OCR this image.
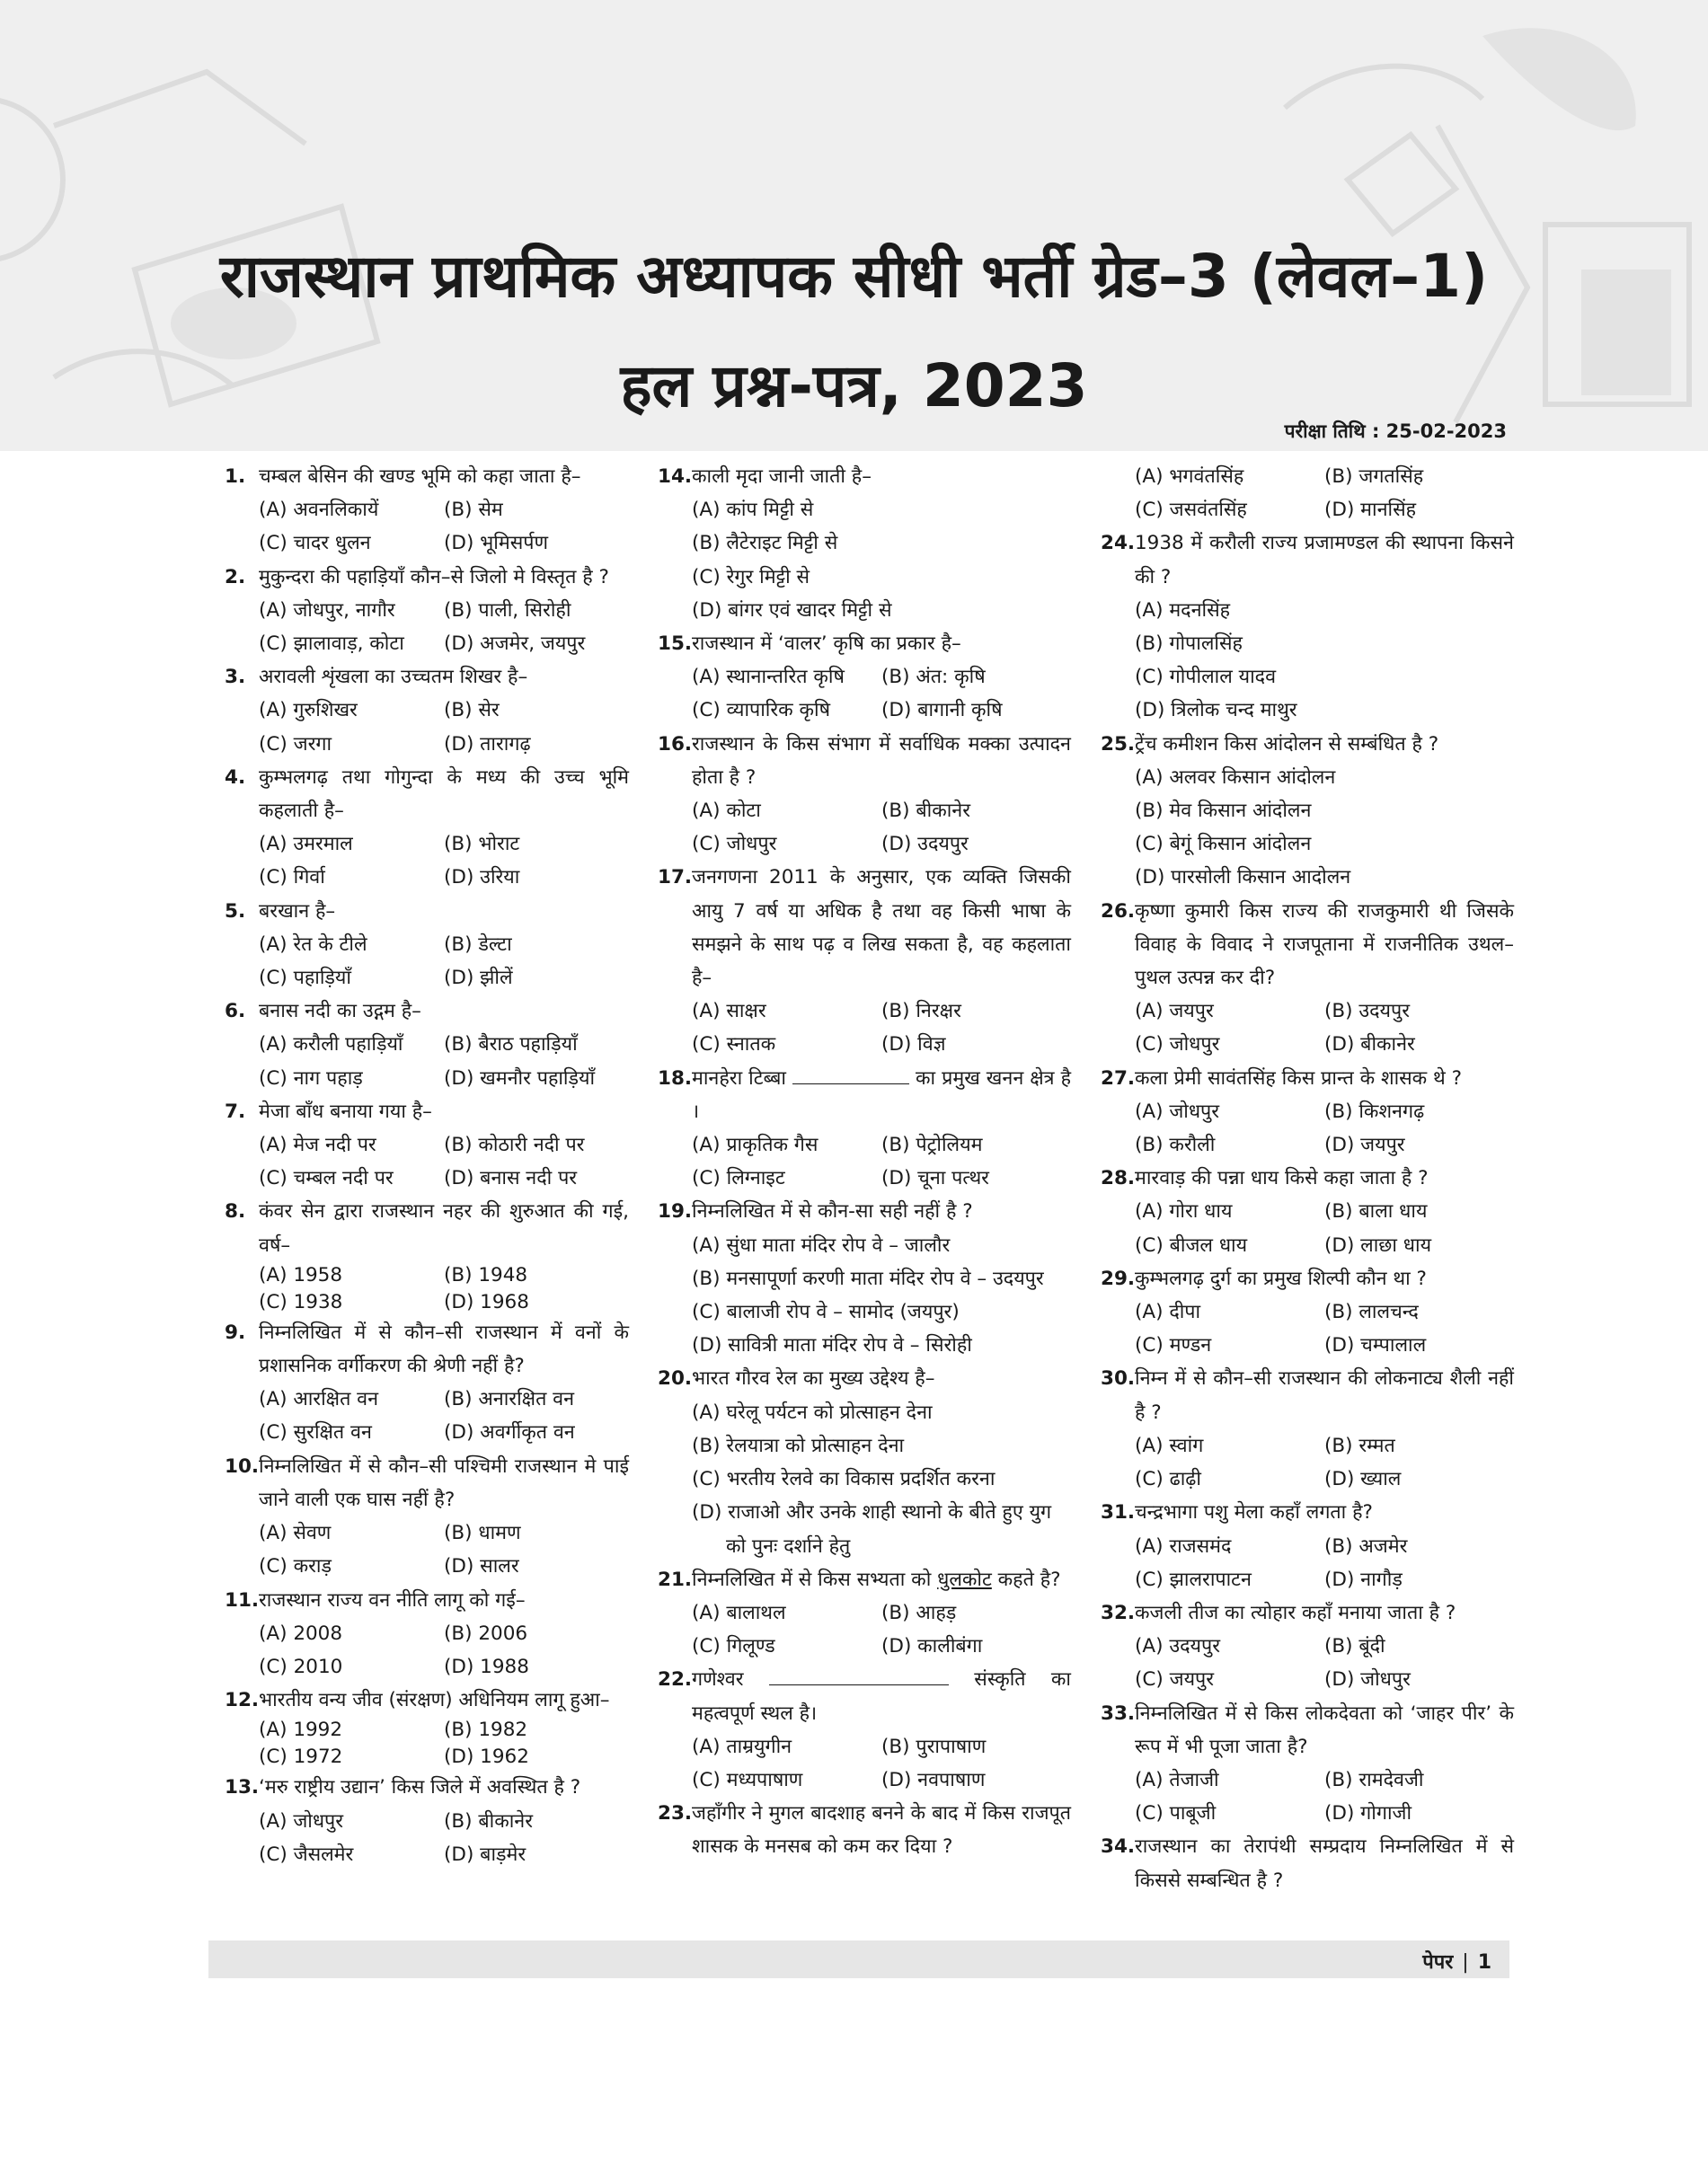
राजस्थान प्राथमिक अध्यापक सीधी भर्ती ग्रेड–3 (लेवल–1)
हल प्रश्न-पत्र, 2023
परीक्षा तिथि : 25-02-2023
1. चम्बल बेसिन की खण्ड भूमि को कहा जाता है–
(A) अवनलिकायें	(B) सेम
(C) चादर धुलन	(D) भूमिसर्पण
2. मुकुन्दरा की पहाड़ियाँ कौन–से जिलो मे विस्तृत है ?
(A) जोधपुर, नागौर	(B) पाली, सिरोही
(C) झालावाड़, कोटा	(D) अजमेर, जयपुर
3. अरावली शृंखला का उच्चतम शिखर है–
(A) गुरुशिखर	(B) सेर
(C) जरगा	(D) तारागढ़
4. कुम्भलगढ़ तथा गोगुन्दा के मध्य की उच्च भूमि कहलाती है–
(A) उमरमाल	(B) भोराट
(C) गिर्वा	(D) उरिया
5. बरखान है–
(A) रेत के टीले	(B) डेल्टा
(C) पहाड़ियाँ	(D) झीलें
6. बनास नदी का उद्गम है–
(A) करौली पहाड़ियाँ	(B) बैराठ पहाड़ियाँ
(C) नाग पहाड़	(D) खमनौर पहाड़ियाँ
7. मेजा बाँध बनाया गया है–
(A) मेज नदी पर	(B) कोठारी नदी पर
(C) चम्बल नदी पर	(D) बनास नदी पर
8. कंवर सेन द्वारा राजस्थान नहर की शुरुआत की गई, वर्ष–
(A) 1958	(B) 1948
(C) 1938	(D) 1968
9. निम्नलिखित में से कौन–सी राजस्थान में वनों के प्रशासनिक वर्गीकरण की श्रेणी नहीं है?
(A) आरक्षित वन	(B) अनारक्षित वन
(C) सुरक्षित वन	(D) अवर्गीकृत वन
10.निम्नलिखित में से कौन–सी पश्चिमी राजस्थान मे पाई जाने वाली एक घास नहीं है?
(A) सेवण	(B) धामण
(C) कराड़	(D) सालर
11.राजस्थान राज्य वन नीति लागू को गई–
(A) 2008	(B) 2006
(C) 2010	(D) 1988
12.भारतीय वन्य जीव (संरक्षण) अधिनियम लागू हुआ–
(A) 1992	(B) 1982
(C) 1972	(D) 1962
13.‘मरु राष्ट्रीय उद्यान’ किस जिले में अवस्थित है ?
(A) जोधपुर	(B) बीकानेर
(C) जैसलमेर	(D) बाड़मेर
14.काली मृदा जानी जाती है–
(A) कांप मिट्टी से
(B) लैटेराइट मिट्टी से
(C) रेगुर मिट्टी से
(D) बांगर एवं खादर मिट्टी से
15.राजस्थान में ‘वालर’ कृषि का प्रकार है–
(A) स्थानान्तरित कृषि	(B) अंत: कृषि
(C) व्यापारिक कृषि	(D) बागानी कृषि
16.राजस्थान के किस संभाग में सर्वाधिक मक्का उत्पादन होता है ?
(A) कोटा	(B) बीकानेर
(C) जोधपुर	(D) उदयपुर
17.जनगणना 2011 के अनुसार, एक व्यक्ति जिसकी आयु 7 वर्ष या अधिक है तथा वह किसी भाषा के समझने के साथ पढ़ व लिख सकता है, वह कहलाता है–
(A) साक्षर	(B) निरक्षर
(C) स्नातक	(D) विज्ञ
18.मानहेरा टिब्बा	का प्रमुख खनन क्षेत्र है ।
(A) प्राकृतिक गैस	(B) पेट्रोलियम
(C) लिग्नाइट	(D) चूना पत्थर
19.निम्नलिखित में से कौन-सा सही नहीं है ?
(A) सुंधा माता मंदिर रोप वे – जालौर
(B) मनसापूर्णा करणी माता मंदिर रोप वे – उदयपुर
(C) बालाजी रोप वे – सामोद (जयपुर)
(D) सावित्री माता मंदिर रोप वे – सिरोही
20.भारत गौरव रेल का मुख्य उद्देश्य है–
(A) घरेलू पर्यटन को प्रोत्साहन देना
(B) रेलयात्रा को प्रोत्साहन देना
(C) भरतीय रेलवे का विकास प्रदर्शित करना
(D) राजाओ और उनके शाही स्थानो के बीते हुए युग को पुनः दर्शाने हेतु
21.निम्नलिखित में से किस सभ्यता को धुलकोट कहते है?
(A) बालाथल	(B) आहड़
(C) गिलूण्ड	(D) कालीबंगा
22.गणेश्वर	संस्कृति का महत्वपूर्ण स्थल है।
(A) ताम्रयुगीन	(B) पुरापाषाण
(C) मध्यपाषाण	(D) नवपाषाण
23.जहाँगीर ने मुगल बादशाह बनने के बाद में किस राजपूत शासक के मनसब को कम कर दिया ?
(A) भगवंतसिंह	(B) जगतसिंह
(C) जसवंतसिंह	(D) मानसिंह
24.1938 में करौली राज्य प्रजामण्डल की स्थापना किसने की ?
(A) मदनसिंह
(B) गोपालसिंह
(C) गोपीलाल यादव
(D) त्रिलोक चन्द माथुर
25.ट्रेंच कमीशन किस आंदोलन से सम्बंधित है ?
(A) अलवर किसान आंदोलन
(B) मेव किसान आंदोलन
(C) बेगूं किसान आंदोलन
(D) पारसोली किसान आदोलन
26.कृष्णा कुमारी किस राज्य की राजकुमारी थी जिसके विवाह के विवाद ने राजपूताना में राजनीतिक उथल–पुथल उत्पन्न कर दी?
(A) जयपुर	(B) उदयपुर
(C) जोधपुर	(D) बीकानेर
27.कला प्रेमी सावंतसिंह किस प्रान्त के शासक थे ?
(A) जोधपुर	(B) किशनगढ़
(B) करौली	(D) जयपुर
28.मारवाड़ की पन्ना धाय किसे कहा जाता है ?
(A) गोरा धाय	(B) बाला धाय
(C) बीजल धाय	(D) लाछा धाय
29.कुम्भलगढ़ दुर्ग का प्रमुख शिल्पी कौन था ?
(A) दीपा	(B) लालचन्द
(C) मण्डन	(D) चम्पालाल
30.निम्न में से कौन–सी राजस्थान की लोकनाट्य शैली नहीं है ?
(A) स्वांग	(B) रम्मत
(C) ढाढ़ी	(D) ख्याल
31.चन्द्रभागा पशु मेला कहाँ लगता है?
(A) राजसमंद	(B) अजमेर
(C) झालरापाटन	(D) नागौड़
32.कजली तीज का त्योहार कहाँ मनाया जाता है ?
(A) उदयपुर	(B) बूंदी
(C) जयपुर	(D) जोधपुर
33.निम्नलिखित में से किस लोकदेवता को ‘जाहर पीर’ के रूप में भी पूजा जाता है?
(A) तेजाजी	(B) रामदेवजी
(C) पाबूजी	(D) गोगाजी
34.राजस्थान का तेरापंथी सम्प्रदाय निम्नलिखित में से किससे सम्बन्धित है ?
पेपर | 1
